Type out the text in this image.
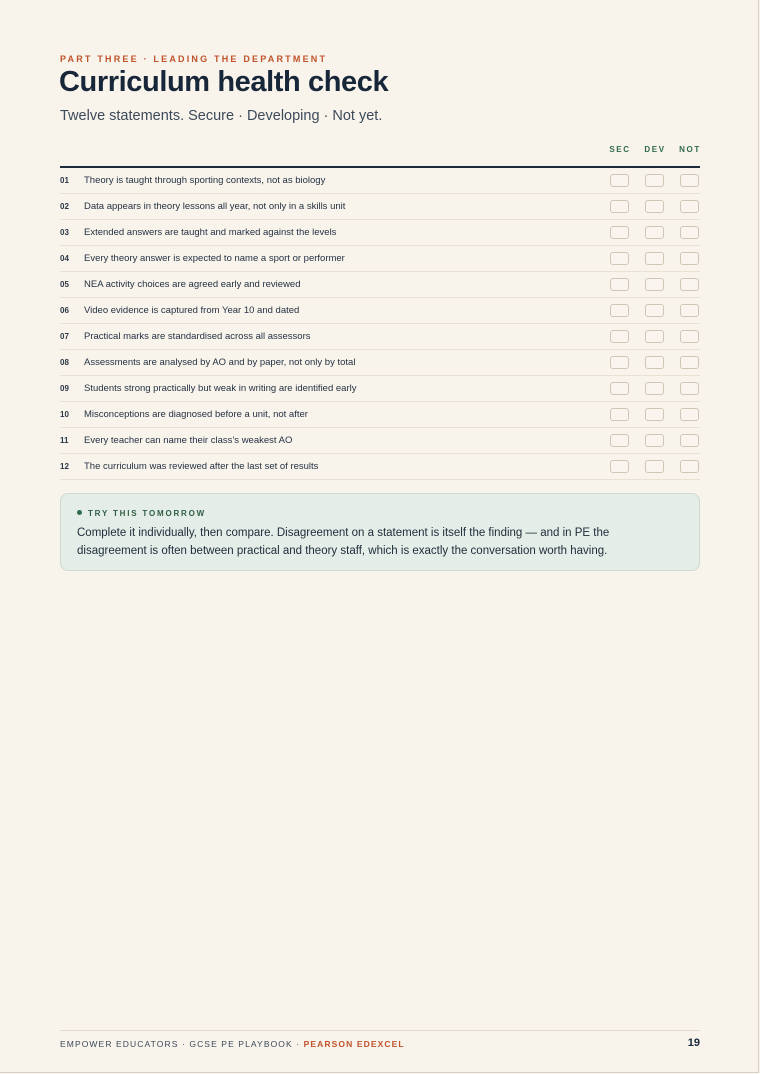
PART THREE · LEADING THE DEPARTMENT
Curriculum health check

Twelve statements. Secure · Developing · Not yet.

SEC	DEV	NOT
01 Theory is taught through sporting contexts, not as biology
02 Data appears in theory lessons all year, not only in a skills unit
03 Extended answers are taught and marked against the levels
04 Every theory answer is expected to name a sport or performer
05 NEA activity choices are agreed early and reviewed
06 Video evidence is captured from Year 10 and dated
07 Practical marks are standardised across all assessors
08 Assessments are analysed by AO and by paper, not only by total
09 Students strong practically but weak in writing are identified early
10 Misconceptions are diagnosed before a unit, not after
11 Every teacher can name their class’s weakest AO
12 The curriculum was reviewed after the last set of results
TRY THIS TOMORROW

Complete it individually, then compare. Disagreement on a statement is itself the finding — and in PE the disagreement is often between practical and theory staff, which is exactly the conversation worth having.

EMPOWER EDUCATORS · GCSE PE PLAYBOOK · PEARSON EDEXCEL	19
